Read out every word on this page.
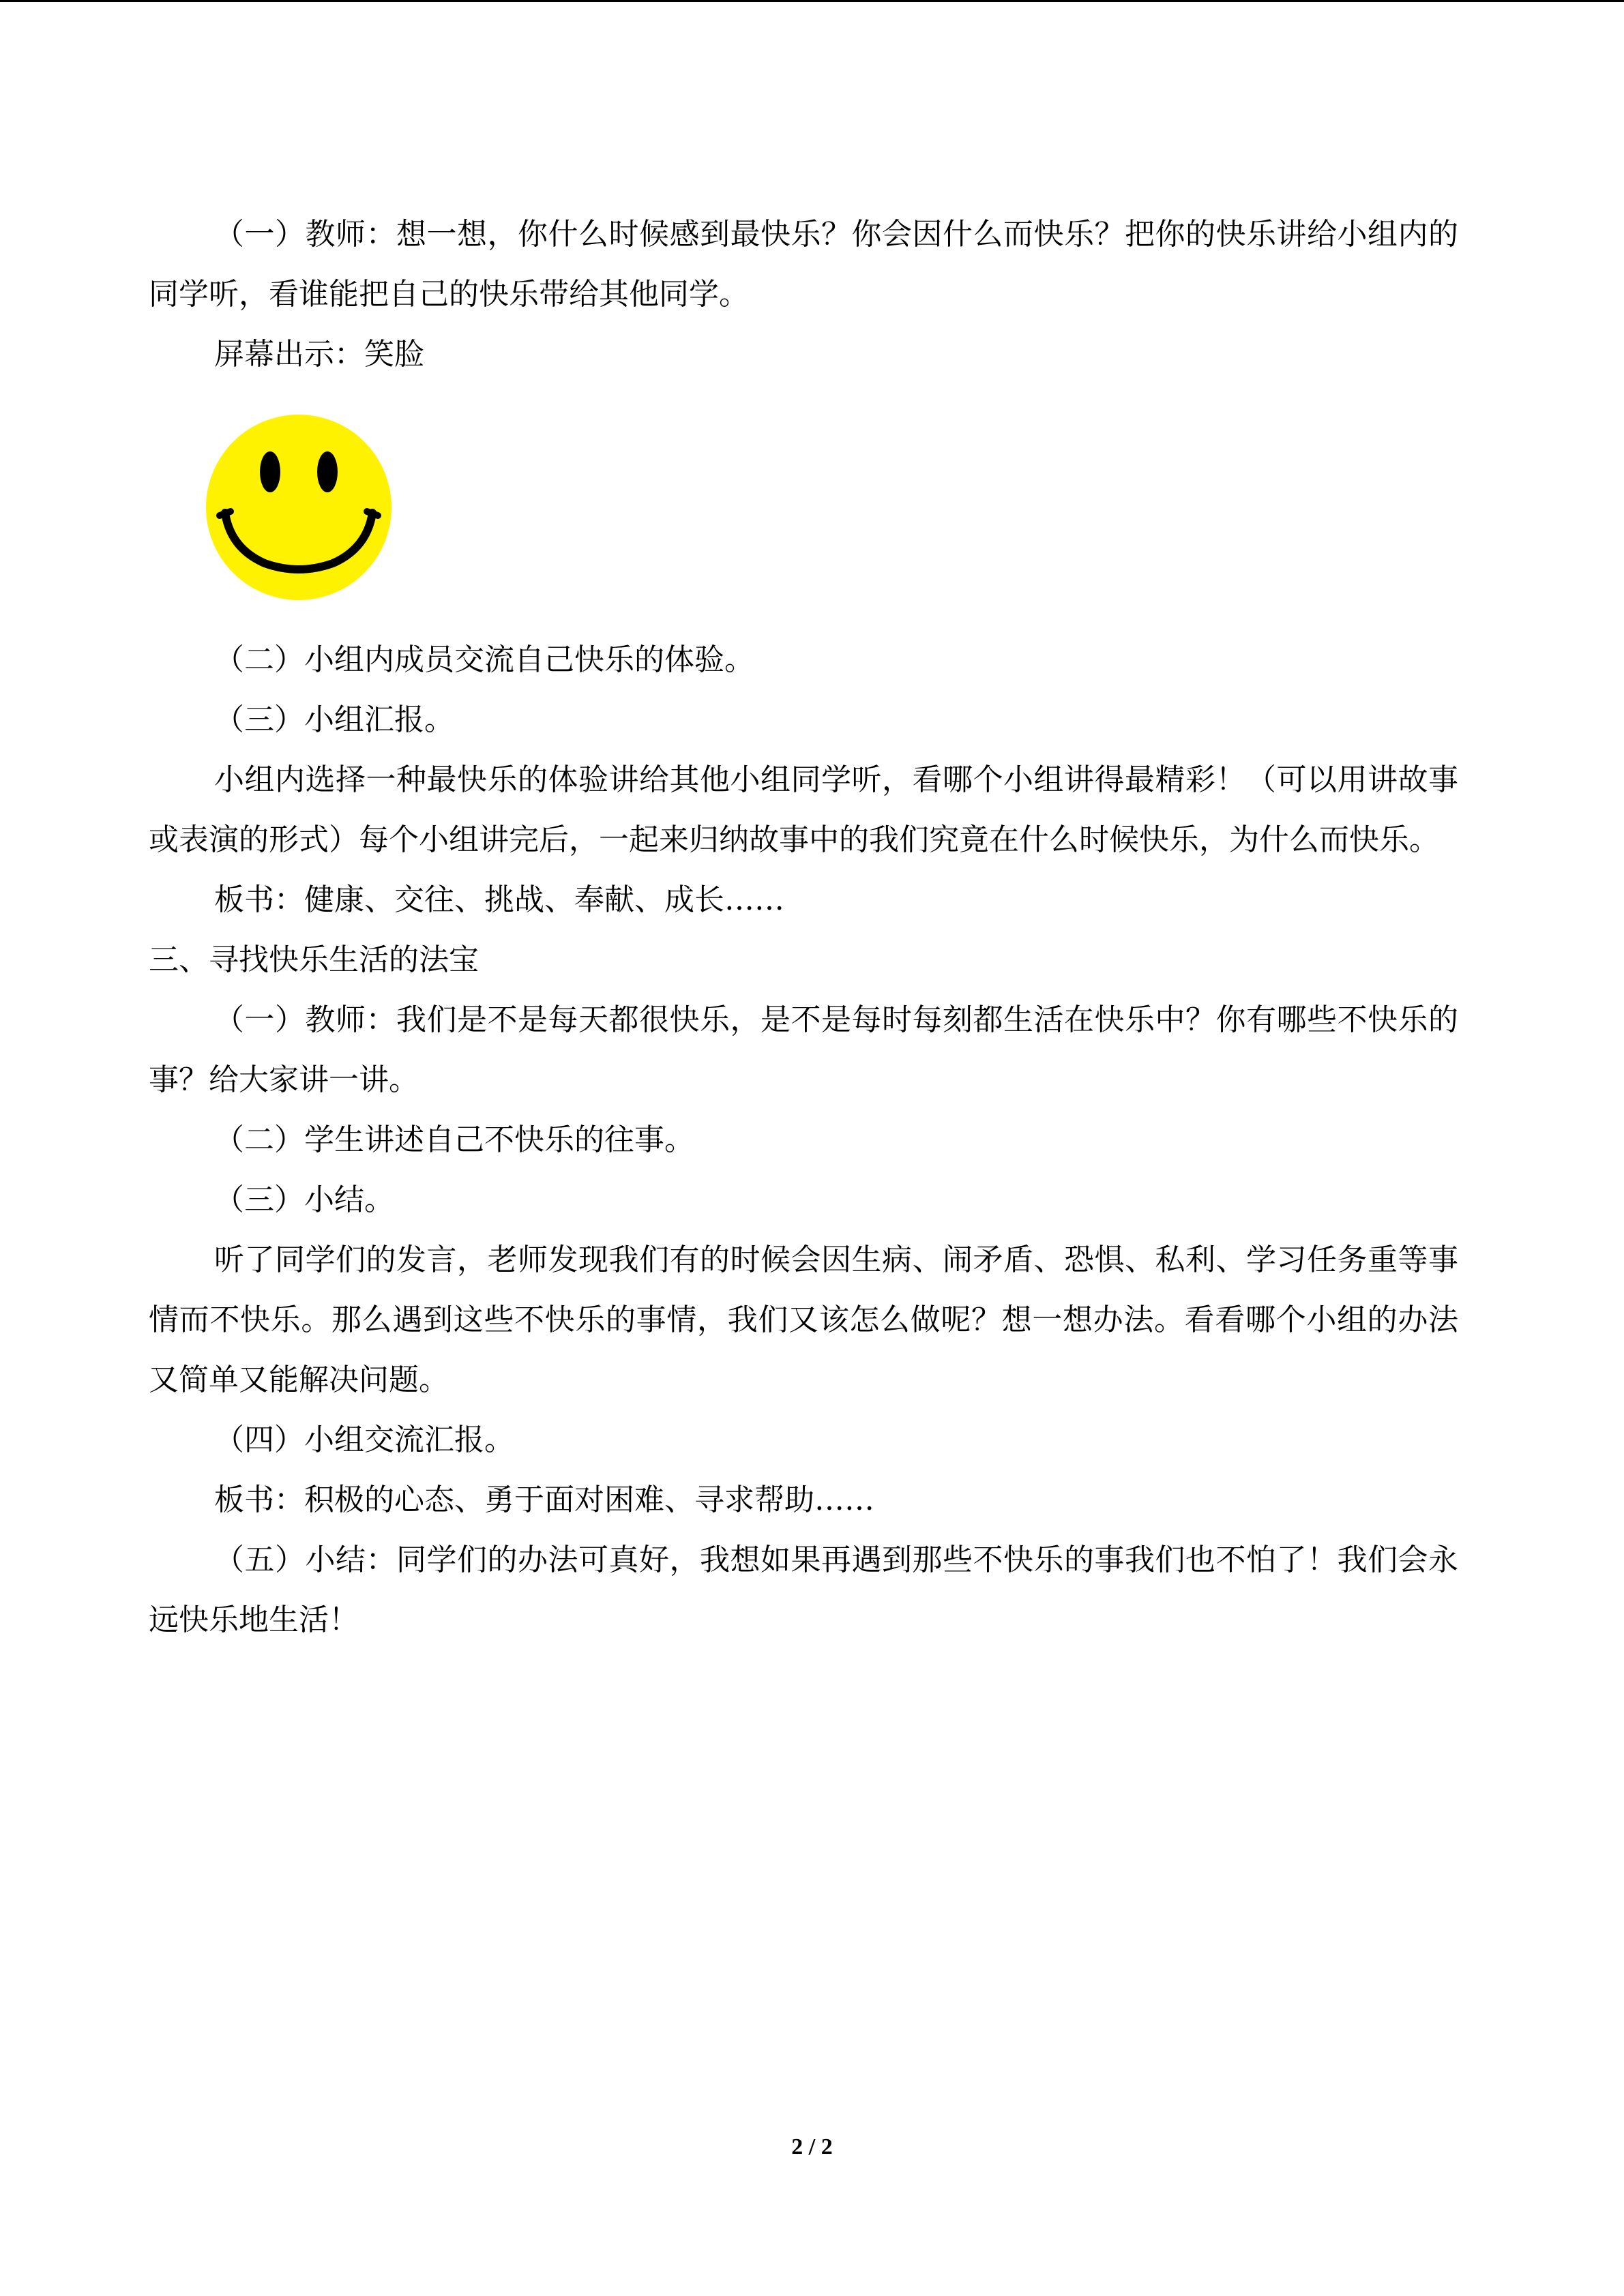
（一）教师：想一想，你什么时候感到最快乐？你会因什么而快乐？把你的快乐讲给小组内的同学听，看谁能把自己的快乐带给其他同学。

屏幕出示：笑脸

（二）小组内成员交流自己快乐的体验。

（三）小组汇报。

小组内选择一种最快乐的体验讲给其他小组同学听，看哪个小组讲得最精彩！（可以用讲故事或表演的形式）每个小组讲完后，一起来归纳故事中的我们究竟在什么时候快乐，为什么而快乐。

板书：健康、交往、挑战、奉献、成长……

三、寻找快乐生活的法宝

（一）教师：我们是不是每天都很快乐，是不是每时每刻都生活在快乐中？你有哪些不快乐的事？给大家讲一讲。

（二）学生讲述自己不快乐的往事。

（三）小结。

听了同学们的发言，老师发现我们有的时候会因生病、闹矛盾、恐惧、私利、学习任务重等事情而不快乐。那么遇到这些不快乐的事情，我们又该怎么做呢？想一想办法。看看哪个小组的办法又简单又能解决问题。

（四）小组交流汇报。

板书：积极的心态、勇于面对困难、寻求帮助……

（五）小结：同学们的办法可真好，我想如果再遇到那些不快乐的事我们也不怕了！我们会永远快乐地生活！

2 / 2
